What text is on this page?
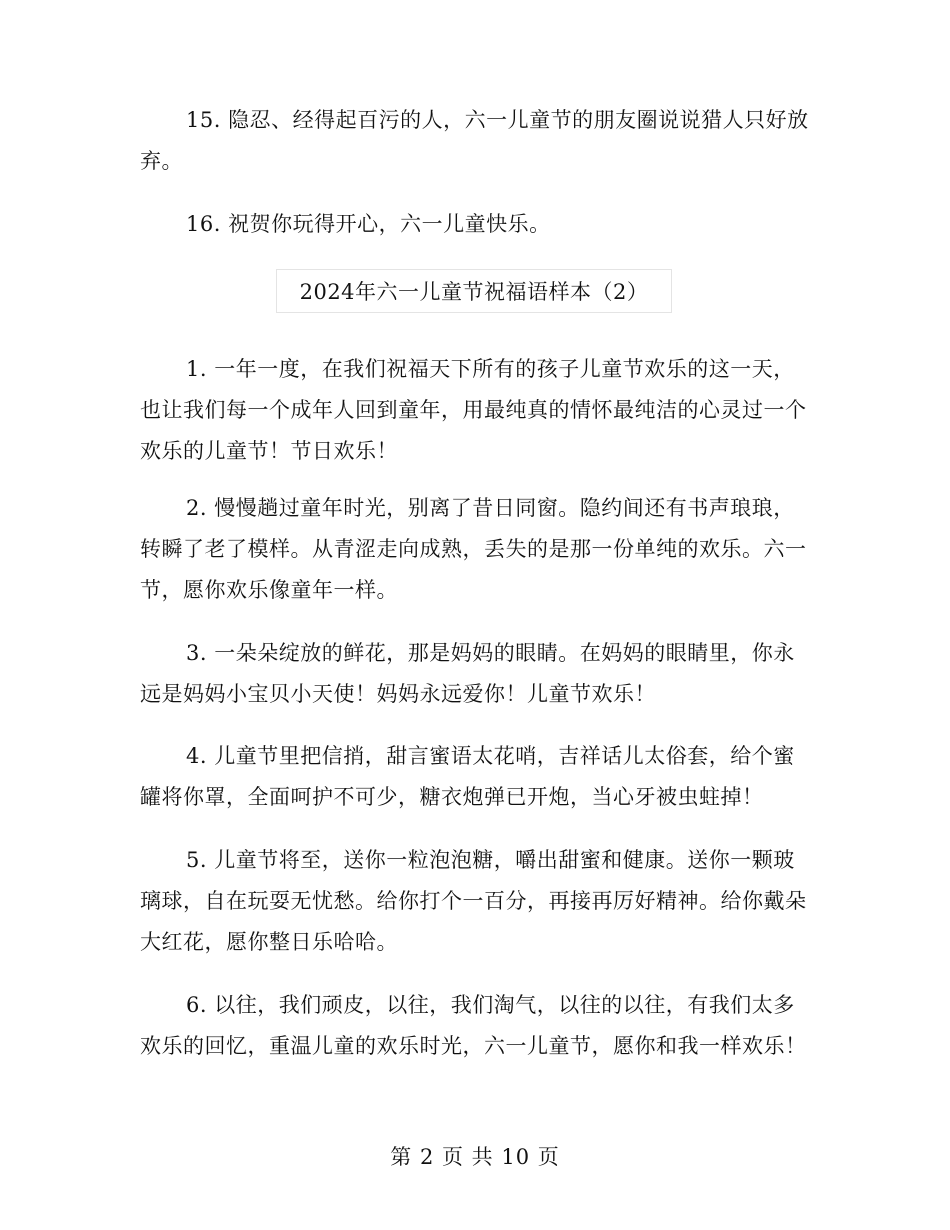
15. 隐忍、经得起百污的人，六一儿童节的朋友圈说说猎人只好放弃。

16. 祝贺你玩得开心，六一儿童快乐。

2024年六一儿童节祝福语样本（2）

1. 一年一度，在我们祝福天下所有的孩子儿童节欢乐的这一天，也让我们每一个成年人回到童年，用最纯真的情怀最纯洁的心灵过一个欢乐的儿童节！节日欢乐！

2. 慢慢趟过童年时光，别离了昔日同窗。隐约间还有书声琅琅，转瞬了老了模样。从青涩走向成熟，丢失的是那一份单纯的欢乐。六一节，愿你欢乐像童年一样。

3. 一朵朵绽放的鲜花，那是妈妈的眼睛。在妈妈的眼睛里，你永远是妈妈小宝贝小天使！妈妈永远爱你！儿童节欢乐！

4. 儿童节里把信捎，甜言蜜语太花哨，吉祥话儿太俗套，给个蜜罐将你罩，全面呵护不可少，糖衣炮弹已开炮，当心牙被虫蛀掉！

5. 儿童节将至，送你一粒泡泡糖，嚼出甜蜜和健康。送你一颗玻璃球，自在玩耍无忧愁。给你打个一百分，再接再厉好精神。给你戴朵大红花，愿你整日乐哈哈。

6. 以往，我们顽皮，以往，我们淘气，以往的以往，有我们太多欢乐的回忆，重温儿童的欢乐时光，六一儿童节，愿你和我一样欢乐！

第 2 页 共 10 页
